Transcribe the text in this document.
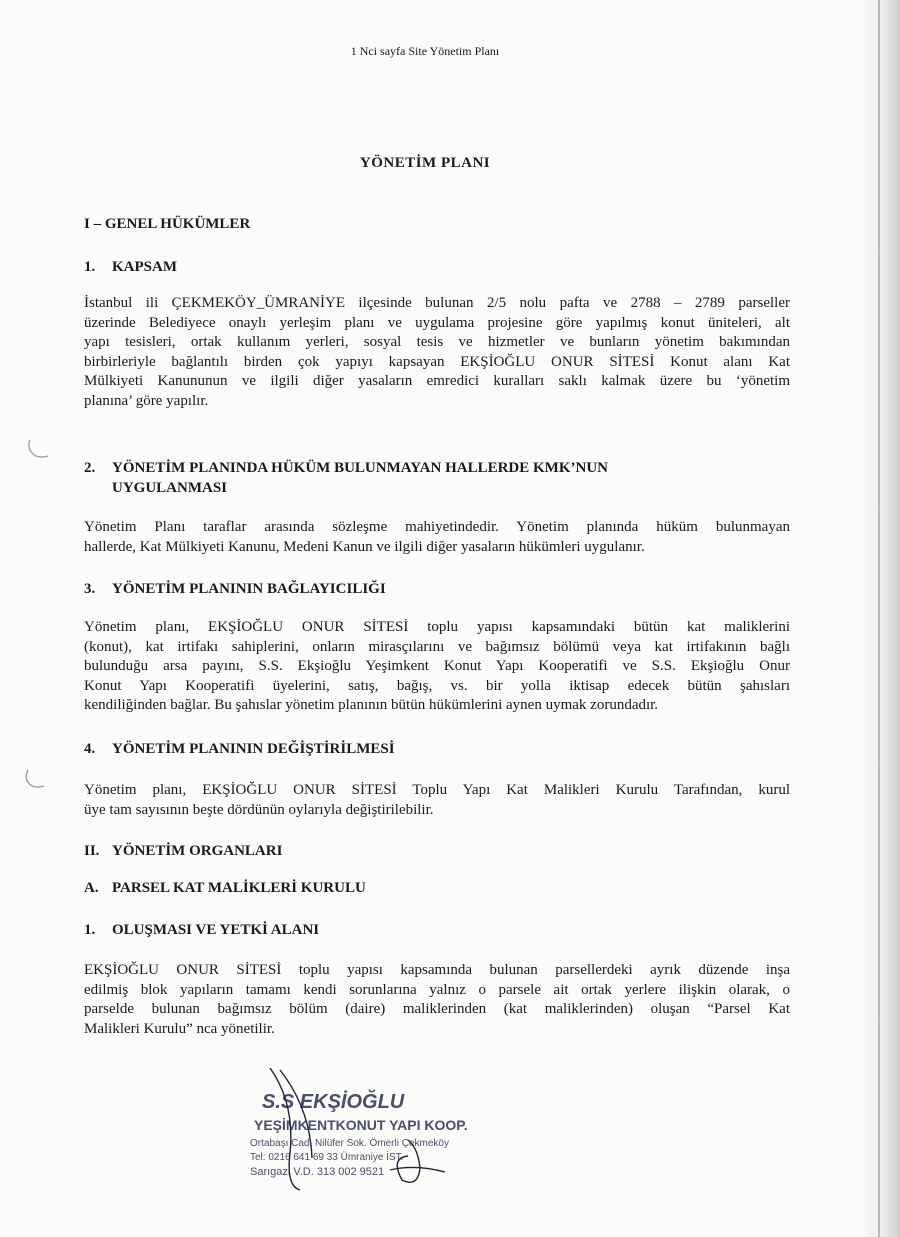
1 Nci sayfa Site Yönetim Planı
YÖNETİM PLANI
I – GENEL HÜKÜMLER
1. KAPSAM
İstanbul ili ÇEKMEKÖY_ÜMRANİYE ilçesinde bulunan 2/5 nolu pafta ve 2788 – 2789 parseller
üzerinde Belediyece onaylı yerleşim planı ve uygulama projesine göre yapılmış konut üniteleri, alt
yapı tesisleri, ortak kullanım yerleri, sosyal tesis ve hizmetler ve bunların yönetim bakımından
birbirleriyle bağlantılı birden çok yapıyı kapsayan EKŞİOĞLU ONUR SİTESİ Konut alanı Kat
Mülkiyeti Kanununun ve ilgili diğer yasaların emredici kuralları saklı kalmak üzere bu ‘yönetim
planına’ göre yapılır.
2. YÖNETİM PLANINDA HÜKÜM BULUNMAYAN HALLERDE KMK’NUN
UYGULANMASI
Yönetim Planı taraflar arasında sözleşme mahiyetindedir. Yönetim planında hüküm bulunmayan
hallerde, Kat Mülkiyeti Kanunu, Medeni Kanun ve ilgili diğer yasaların hükümleri uygulanır.
3. YÖNETİM PLANININ BAĞLAYICILIĞI
Yönetim planı, EKŞİOĞLU ONUR SİTESİ toplu yapısı kapsamındaki bütün kat maliklerini
(konut), kat irtifakı sahiplerini, onların mirasçılarını ve bağımsız bölümü veya kat irtifakının bağlı
bulunduğu arsa payını, S.S. Ekşioğlu Yeşimkent Konut Yapı Kooperatifi ve S.S. Ekşioğlu Onur
Konut Yapı Kooperatifi üyelerini, satış, bağış, vs. bir yolla iktisap edecek bütün şahısları
kendiliğinden bağlar. Bu şahıslar yönetim planının bütün hükümlerini aynen uymak zorundadır.
4. YÖNETİM PLANININ DEĞİŞTİRİLMESİ
Yönetim planı, EKŞİOĞLU ONUR SİTESİ Toplu Yapı Kat Malikleri Kurulu Tarafından, kurul
üye tam sayısının beşte dördünün oylarıyla değiştirilebilir.
II. YÖNETİM ORGANLARI
A. PARSEL KAT MALİKLERİ KURULU
1. OLUŞMASI VE YETKİ ALANI
EKŞİOĞLU ONUR SİTESİ toplu yapısı kapsamında bulunan parsellerdeki ayrık düzende inşa
edilmiş blok yapıların tamamı kendi sorunlarına yalnız o parsele ait ortak yerlere ilişkin olarak, o
parselde bulunan bağımsız bölüm (daire) maliklerinden (kat maliklerinden) oluşan “Parsel Kat
Malikleri Kurulu” nca yönetilir.
S.S EKŞİOĞLU
YEŞİMKENTKONUT YAPI KOOP.
Ortabaşı Cad. Nilüfer Sok. Ömerli Çekmeköy
Tel: 0216 641 69 33 Ümraniye İST.
Sarıgazi V.D. 313 002 9521
